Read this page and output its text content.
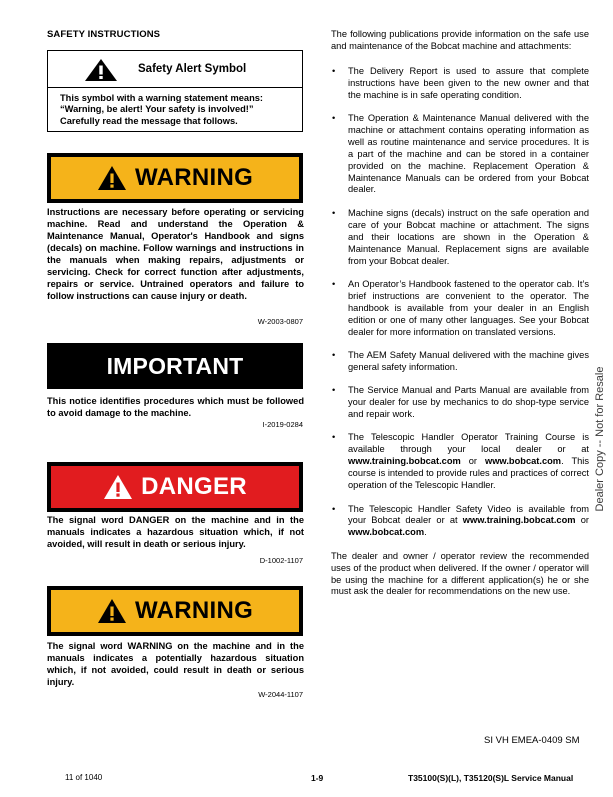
SAFETY INSTRUCTIONS
Safety Alert Symbol
This symbol with a warning statement means: “Warning, be alert! Your safety is involved!” Carefully read the message that follows.
WARNING
Instructions are necessary before operating or servicing machine. Read and understand the Operation & Maintenance Manual, Operator's Handbook and signs (decals) on machine. Follow warnings and instructions in the manuals when making repairs, adjustments or servicing. Check for correct function after adjustments, repairs or service. Untrained operators and failure to follow instructions can cause injury or death.
W-2003-0807
IMPORTANT
This notice identifies procedures which must be followed to avoid damage to the machine.
I-2019-0284
DANGER
The signal word DANGER on the machine and in the manuals indicates a hazardous situation which, if not avoided, will result in death or serious injury.
D-1002-1107
WARNING
The signal word WARNING on the machine and in the manuals indicates a potentially hazardous situation which, if not avoided, could result in death or serious injury.
W-2044-1107

The following publications provide information on the safe use and maintenance of the Bobcat machine and attachments:

• The Delivery Report is used to assure that complete instructions have been given to the new owner and that the machine is in safe operating condition.
• The Operation & Maintenance Manual delivered with the machine or attachment contains operating information as well as routine maintenance and service procedures. It is a part of the machine and can be stored in a container provided on the machine. Replacement Operation & Maintenance Manuals can be ordered from your Bobcat dealer.
• Machine signs (decals) instruct on the safe operation and care of your Bobcat machine or attachment. The signs and their locations are shown in the Operation & Maintenance Manual. Replacement signs are available from your Bobcat dealer.
• An Operator’s Handbook fastened to the operator cab. It’s brief instructions are convenient to the operator. The handbook is available from your dealer in an English edition or one of many other languages. See your Bobcat dealer for more information on translated versions.
• The AEM Safety Manual delivered with the machine gives general safety information.
• The Service Manual and Parts Manual are available from your dealer for use by mechanics to do shop-type service and repair work.
• The Telescopic Handler Operator Training Course is available through your local dealer or at www.training.bobcat.com or www.bobcat.com. This course is intended to provide rules and practices of correct operation of the Telescopic Handler.
• The Telescopic Handler Safety Video is available from your Bobcat dealer or at www.training.bobcat.com or www.bobcat.com.

The dealer and owner / operator review the recommended uses of the product when delivered. If the owner / operator will be using the machine for a different application(s) he or she must ask the dealer for recommendations on the new use.

Dealer Copy -- Not for Resale
SI VH EMEA-0409 SM
11 of 1040	1-9	T35100(S)(L), T35120(S)L Service Manual
